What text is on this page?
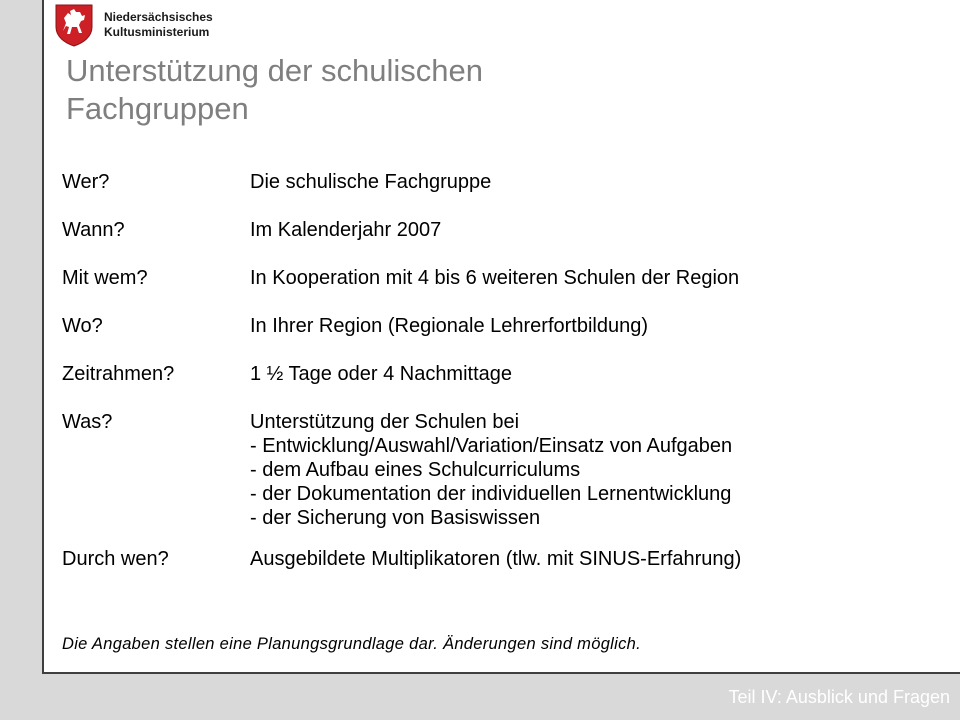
Niedersächsisches
Kultusministerium
Unterstützung der schulischen
Fachgruppen
Wer?	Die schulische Fachgruppe
Wann?	Im Kalenderjahr 2007
Mit wem?	In Kooperation mit 4 bis 6 weiteren Schulen der Region
Wo?	In Ihrer Region (Regionale Lehrerfortbildung)
Zeitrahmen?	1 ½ Tage oder 4 Nachmittage
Was?	Unterstützung der Schulen bei
- Entwicklung/Auswahl/Variation/Einsatz von Aufgaben
- dem Aufbau eines Schulcurriculums
- der Dokumentation der individuellen Lernentwicklung
- der Sicherung von Basiswissen
Durch wen?	Ausgebildete Multiplikatoren (tlw. mit SINUS-Erfahrung)
Die Angaben stellen eine Planungsgrundlage dar. Änderungen sind möglich.
Teil IV: Ausblick und Fragen
